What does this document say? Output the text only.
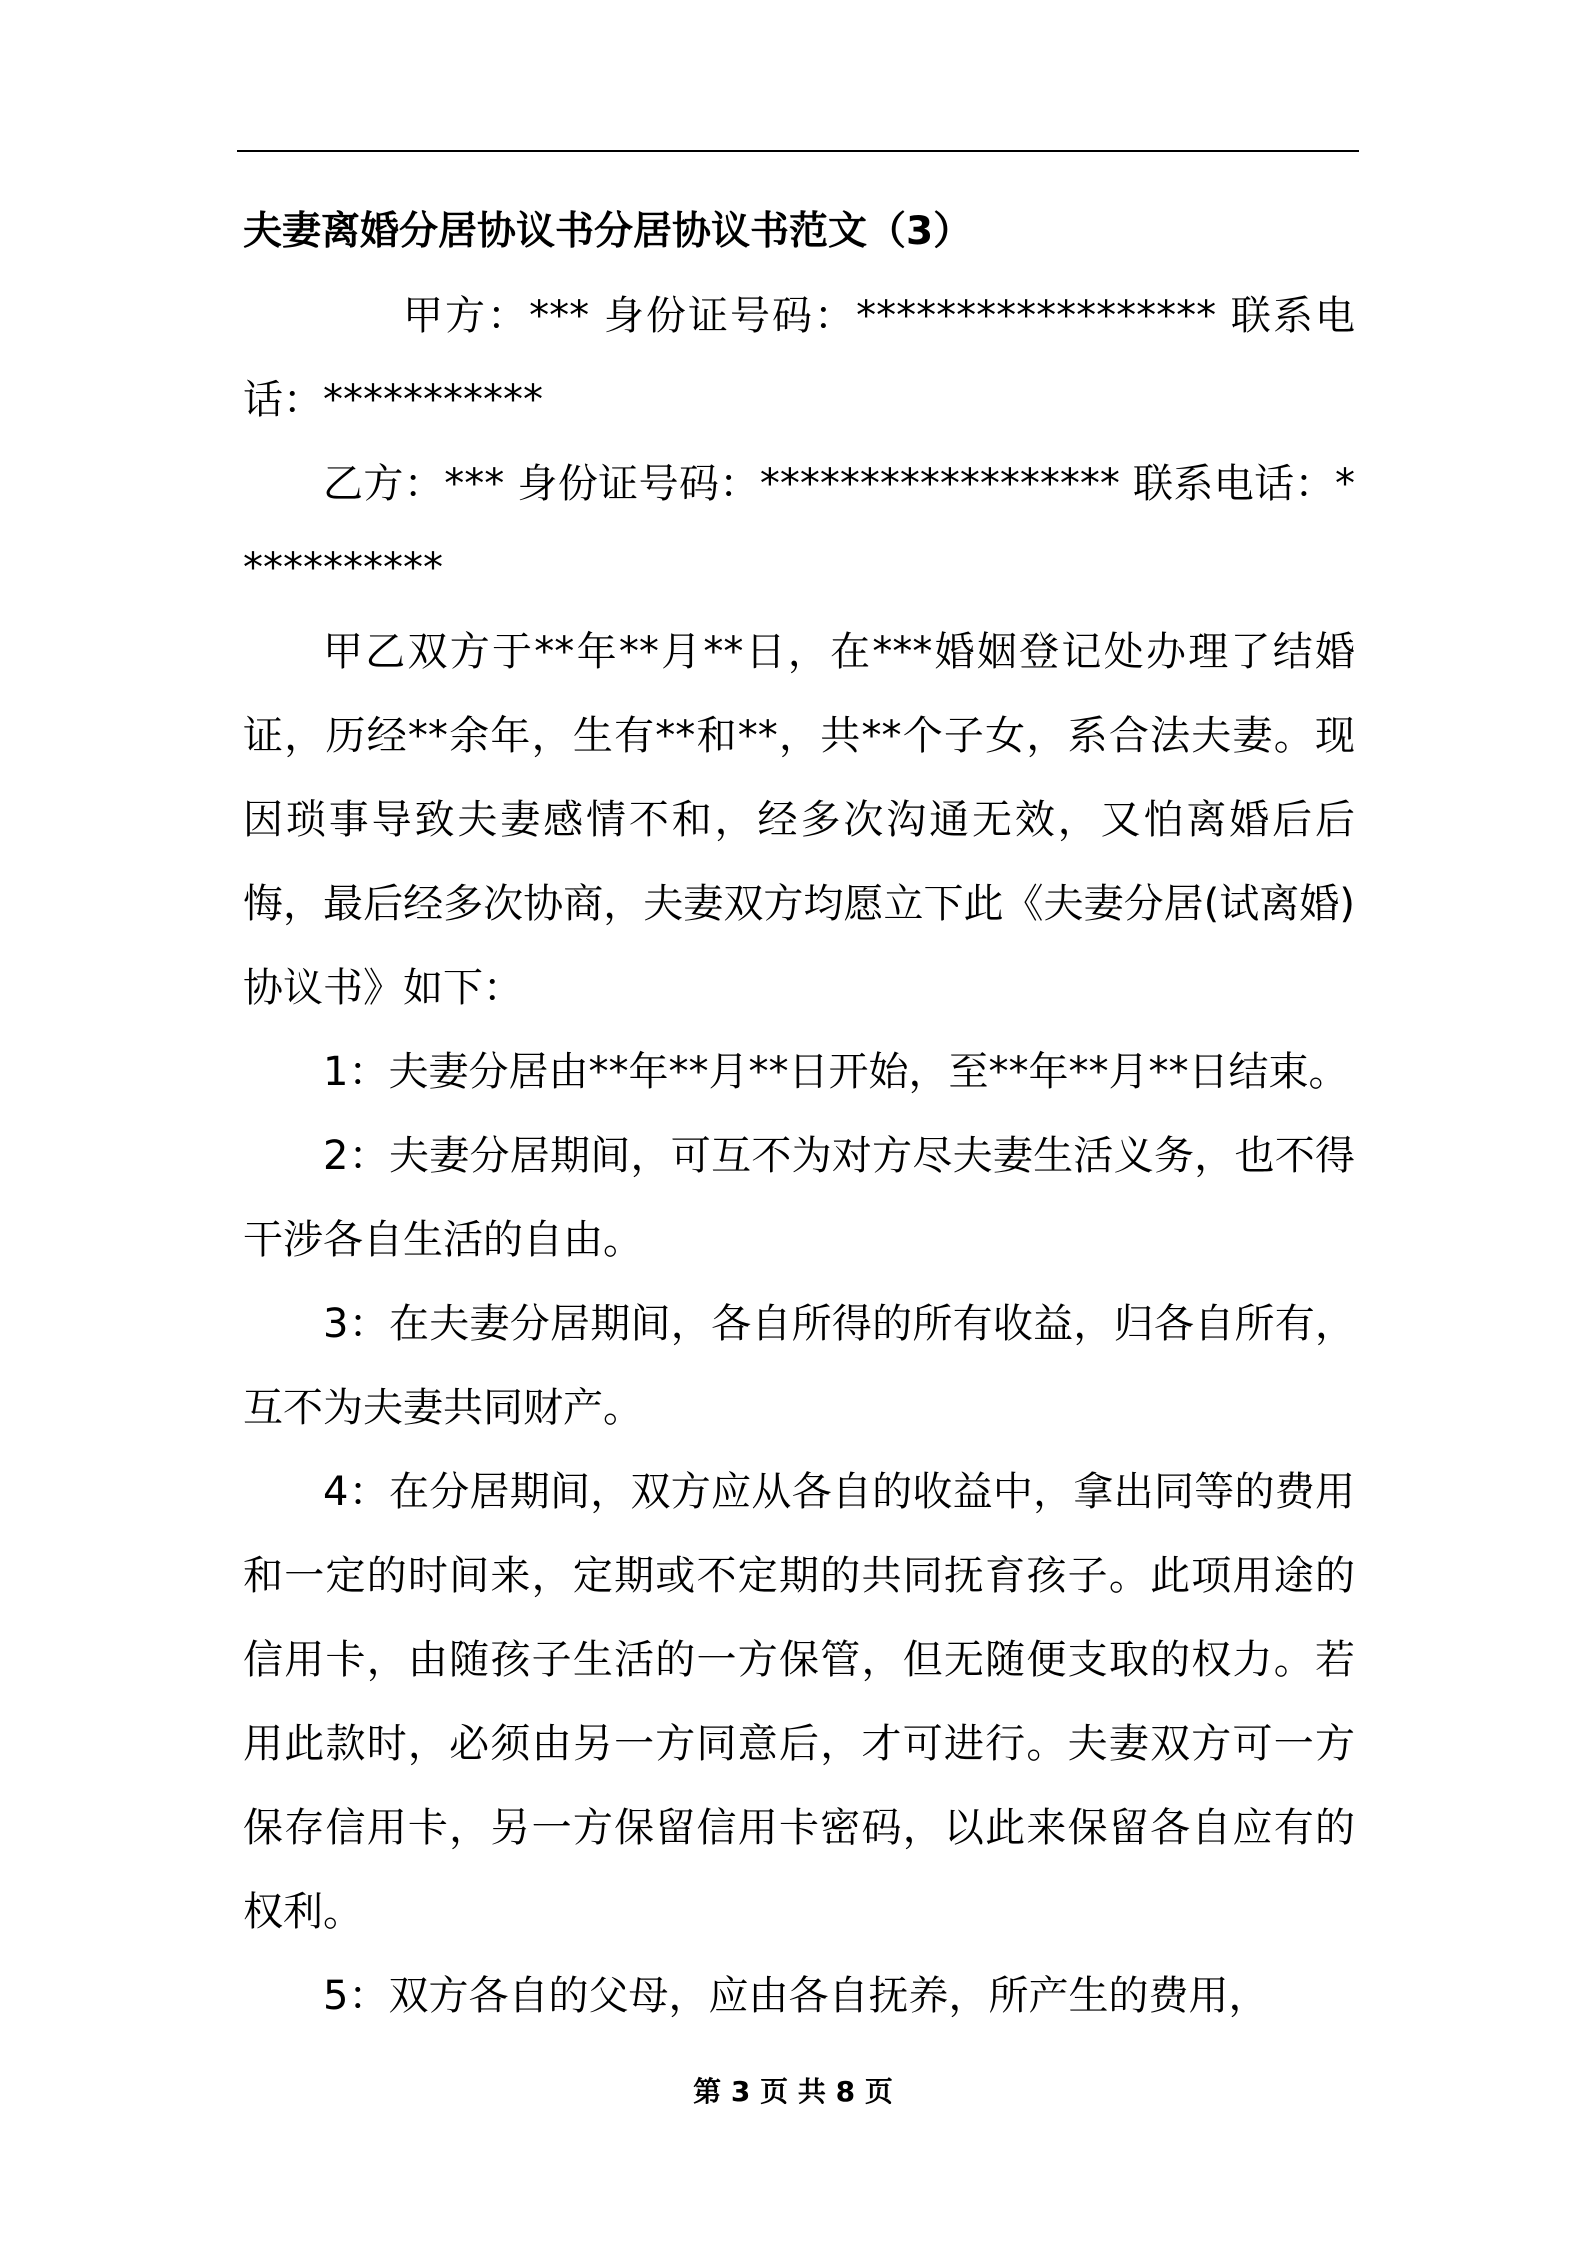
夫妻离婚分居协议书分居协议书范文（3）

甲方：*** 身份证号码：****************** 联系电话：***********

乙方：*** 身份证号码：****************** 联系电话：***********

甲乙双方于**年**月**日，在***婚姻登记处办理了结婚证，历经**余年，生有**和**，共**个子女，系合法夫妻。现因琐事导致夫妻感情不和，经多次沟通无效，又怕离婚后后悔，最后经多次协商，夫妻双方均愿立下此《夫妻分居(试离婚)协议书》如下：

1：夫妻分居由**年**月**日开始，至**年**月**日结束。

2：夫妻分居期间，可互不为对方尽夫妻生活义务，也不得干涉各自生活的自由。

3：在夫妻分居期间，各自所得的所有收益，归各自所有，互不为夫妻共同财产。

4：在分居期间，双方应从各自的收益中，拿出同等的费用和一定的时间来，定期或不定期的共同抚育孩子。此项用途的信用卡，由随孩子生活的一方保管，但无随便支取的权力。若用此款时，必须由另一方同意后，才可进行。夫妻双方可一方保存信用卡，另一方保留信用卡密码，以此来保留各自应有的权利。

5：双方各自的父母，应由各自抚养，所产生的费用，

第 3 页 共 8 页
